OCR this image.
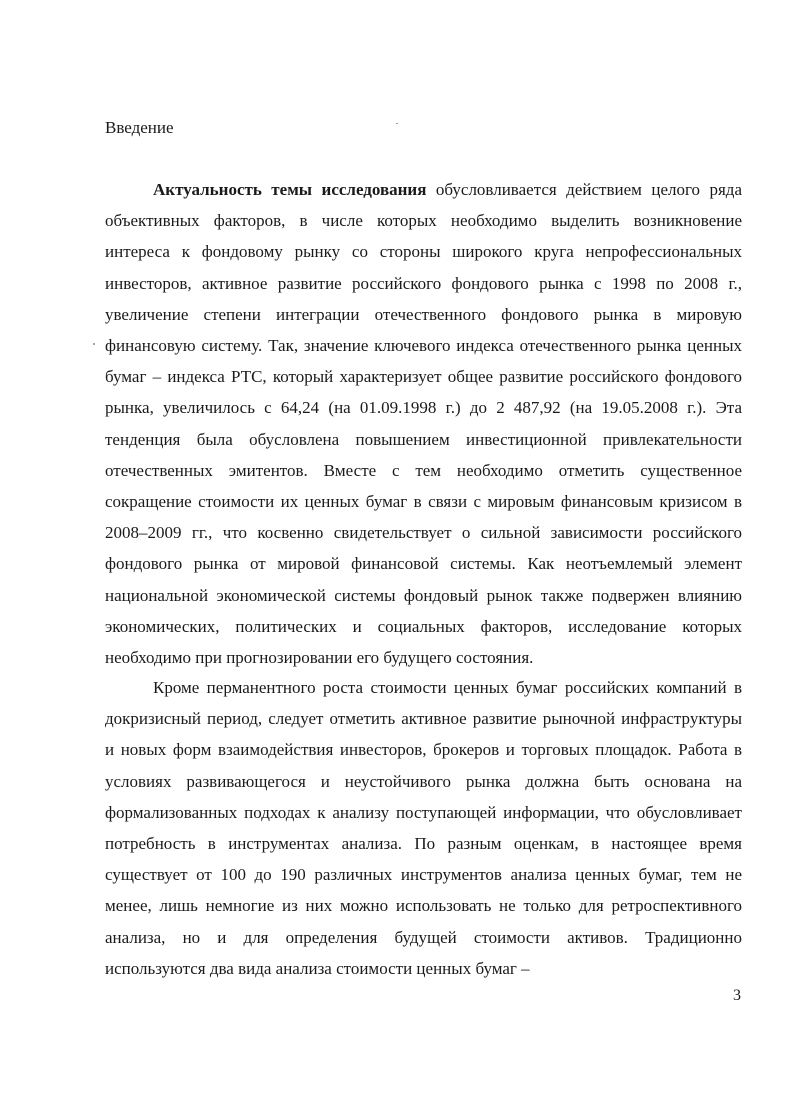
Введение

Актуальность темы исследования обусловливается действием целого ряда объективных факторов, в числе которых необходимо выделить возникновение интереса к фондовому рынку со стороны широкого круга непрофессиональных инвесторов, активное развитие российского фондового рынка с 1998 по 2008 г., увеличение степени интеграции отечественного фондового рынка в мировую финансовую систему. Так, значение ключевого индекса отечественного рынка ценных бумаг – индекса РТС, который характеризует общее развитие российского фондового рынка, увеличилось с 64,24 (на 01.09.1998 г.) до 2 487,92 (на 19.05.2008 г.). Эта тенденция была обусловлена повышением инвестиционной привлекательности отечественных эмитентов. Вместе с тем необходимо отметить существенное сокращение стоимости их ценных бумаг в связи с мировым финансовым кризисом в 2008–2009 гг., что косвенно свидетельствует о сильной зависимости российского фондового рынка от мировой финансовой системы. Как неотъемлемый элемент национальной экономической системы фондовый рынок также подвержен влиянию экономических, политических и социальных факторов, исследование которых необходимо при прогнозировании его будущего состояния.

Кроме перманентного роста стоимости ценных бумаг российских компаний в докризисный период, следует отметить активное развитие рыночной инфраструктуры и новых форм взаимодействия инвесторов, брокеров и торговых площадок. Работа в условиях развивающегося и неустойчивого рынка должна быть основана на формализованных подходах к анализу поступающей информации, что обусловливает потребность в инструментах анализа. По разным оценкам, в настоящее время существует от 100 до 190 различных инструментов анализа ценных бумаг, тем не менее, лишь немногие из них можно использовать не только для ретроспективного анализа, но и для определения будущей стоимости активов. Традиционно используются два вида анализа стоимости ценных бумаг –

3
